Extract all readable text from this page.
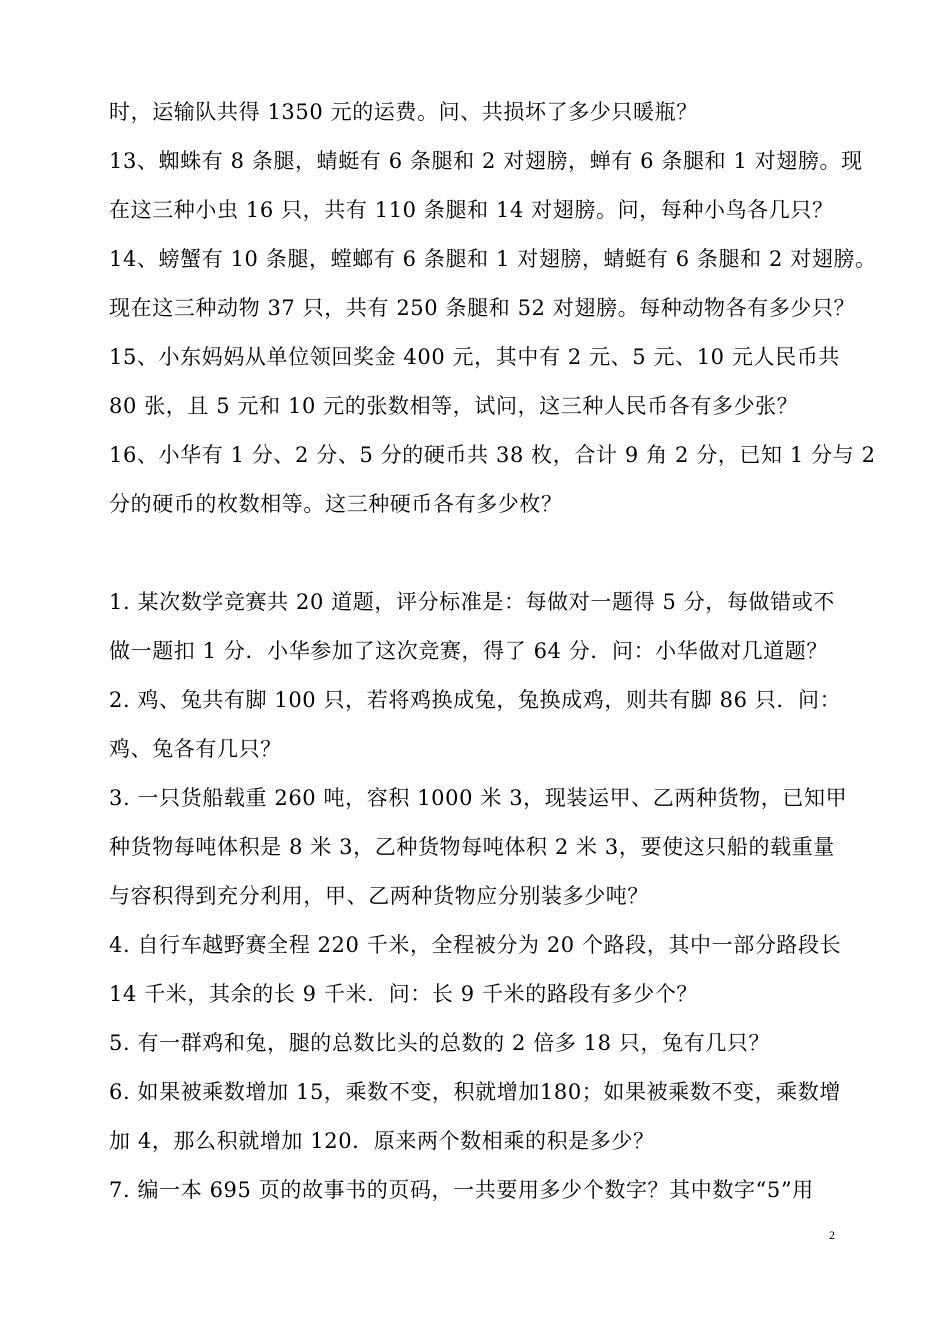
时，运输队共得 1350 元的运费。问、共损坏了多少只暖瓶？
13、蜘蛛有 8 条腿，蜻蜓有 6 条腿和 2 对翅膀，蝉有 6 条腿和 1 对翅膀。现
在这三种小虫 16 只，共有 110 条腿和 14 对翅膀。问，每种小鸟各几只？
14、螃蟹有 10 条腿，螳螂有 6 条腿和 1 对翅膀，蜻蜓有 6 条腿和 2 对翅膀。
现在这三种动物 37 只，共有 250 条腿和 52 对翅膀。每种动物各有多少只？
15、小东妈妈从单位领回奖金 400 元，其中有 2 元、5 元、10 元人民币共
80 张，且 5 元和 10 元的张数相等，试问，这三种人民币各有多少张？
16、小华有 1 分、2 分、5 分的硬币共 38 枚，合计 9 角 2 分，已知 1 分与 2
分的硬币的枚数相等。这三种硬币各有多少枚？
1. 某次数学竞赛共 20 道题，评分标准是：每做对一题得 5 分，每做错或不
做一题扣 1 分．小华参加了这次竞赛，得了 64 分．问：小华做对几道题？
2. 鸡、兔共有脚 100 只，若将鸡换成兔，兔换成鸡，则共有脚 86 只．问：
鸡、兔各有几只？
3. 一只货船载重 260 吨，容积 1000 米 3，现装运甲、乙两种货物，已知甲
种货物每吨体积是 8 米 3，乙种货物每吨体积 2 米 3，要使这只船的载重量
与容积得到充分利用，甲、乙两种货物应分别装多少吨？
4. 自行车越野赛全程 220 千米，全程被分为 20 个路段，其中一部分路段长
14 千米，其余的长 9 千米．问：长 9 千米的路段有多少个？
5. 有一群鸡和兔，腿的总数比头的总数的 2 倍多 18 只，兔有几只？
6. 如果被乘数增加 15，乘数不变，积就增加180；如果被乘数不变，乘数增
加 4，那么积就增加 120．原来两个数相乘的积是多少？
7. 编一本 695 页的故事书的页码，一共要用多少个数字？其中数字“5”用
2
